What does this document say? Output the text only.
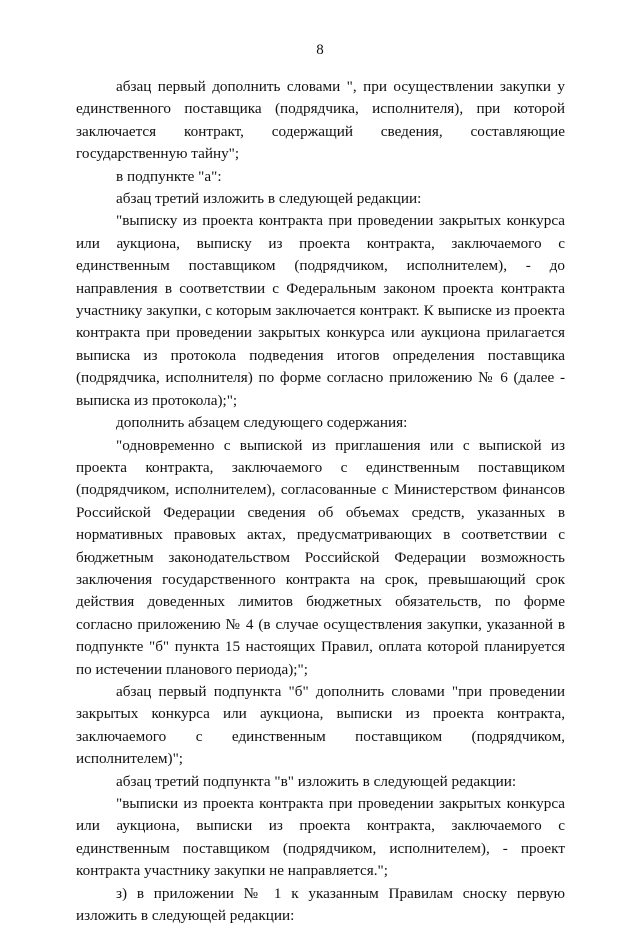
8

абзац первый дополнить словами ", при осуществлении закупки у единственного поставщика (подрядчика, исполнителя), при которой заключается контракт, содержащий сведения, составляющие государственную тайну";

в подпункте "а":

абзац третий изложить в следующей редакции:

"выписку из проекта контракта при проведении закрытых конкурса или аукциона, выписку из проекта контракта, заключаемого с единственным поставщиком (подрядчиком, исполнителем), - до направления в соответствии с Федеральным законом проекта контракта участнику закупки, с которым заключается контракт. К выписке из проекта контракта при проведении закрытых конкурса или аукциона прилагается выписка из протокола подведения итогов определения поставщика (подрядчика, исполнителя) по форме согласно приложению № 6 (далее - выписка из протокола);";

дополнить абзацем следующего содержания:

"одновременно с выпиской из приглашения или с выпиской из проекта контракта, заключаемого с единственным поставщиком (подрядчиком, исполнителем), согласованные с Министерством финансов Российской Федерации сведения об объемах средств, указанных в нормативных правовых актах, предусматривающих в соответствии с бюджетным законодательством Российской Федерации возможность заключения государственного контракта на срок, превышающий срок действия доведенных лимитов бюджетных обязательств, по форме согласно приложению № 4 (в случае осуществления закупки, указанной в подпункте "б" пункта 15 настоящих Правил, оплата которой планируется по истечении планового периода);";

абзац первый подпункта "б" дополнить словами "при проведении закрытых конкурса или аукциона, выписки из проекта контракта, заключаемого с единственным поставщиком (подрядчиком, исполнителем)";

абзац третий подпункта "в" изложить в следующей редакции:

"выписки из проекта контракта при проведении закрытых конкурса или аукциона, выписки из проекта контракта, заключаемого с единственным поставщиком (подрядчиком, исполнителем), - проект контракта участнику закупки не направляется.";

з) в приложении № 1 к указанным Правилам сноску первую изложить в следующей редакции:
